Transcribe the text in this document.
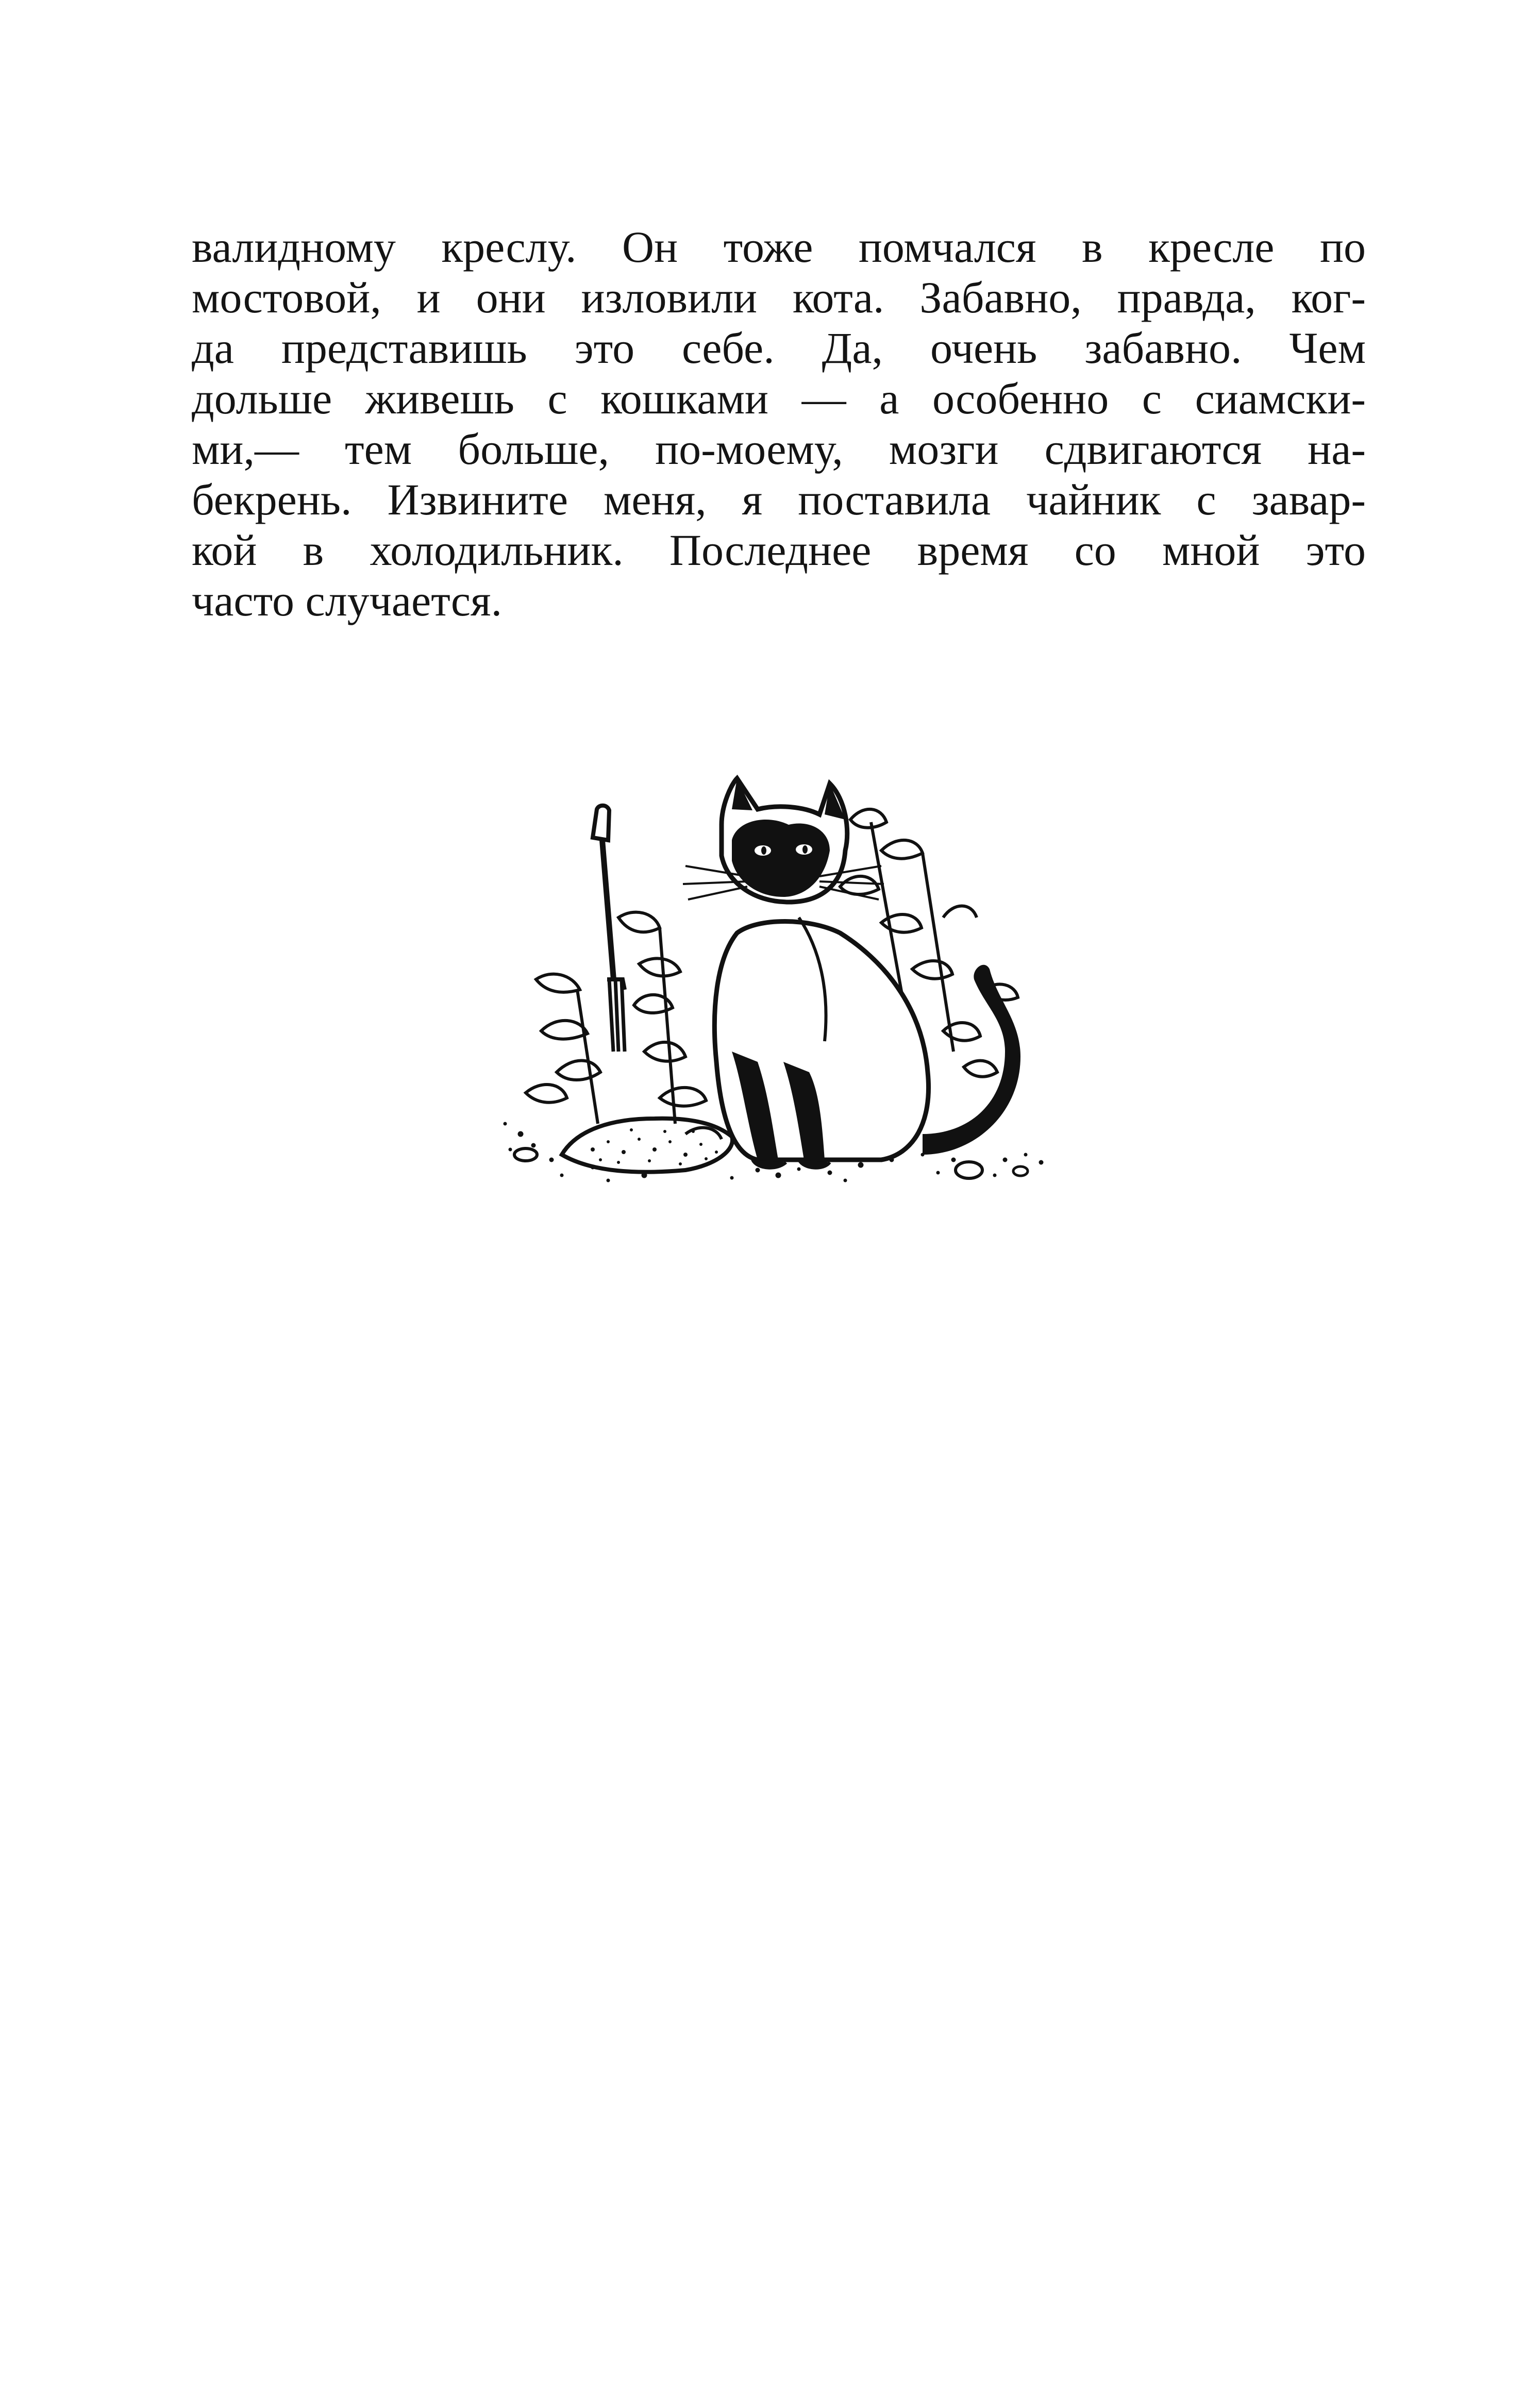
валидному креслу. Он тоже помчался в кресле по
мостовой, и они изловили кота. Забавно, правда, ког-
да представишь это себе. Да, очень забавно. Чем
дольше живешь с кошками — а особенно с сиамски-
ми,— тем больше, по-моему, мозги сдвигаются на-
бекрень. Извините меня, я поставила чайник с завар-
кой в холодильник. Последнее время со мной это
часто случается.
